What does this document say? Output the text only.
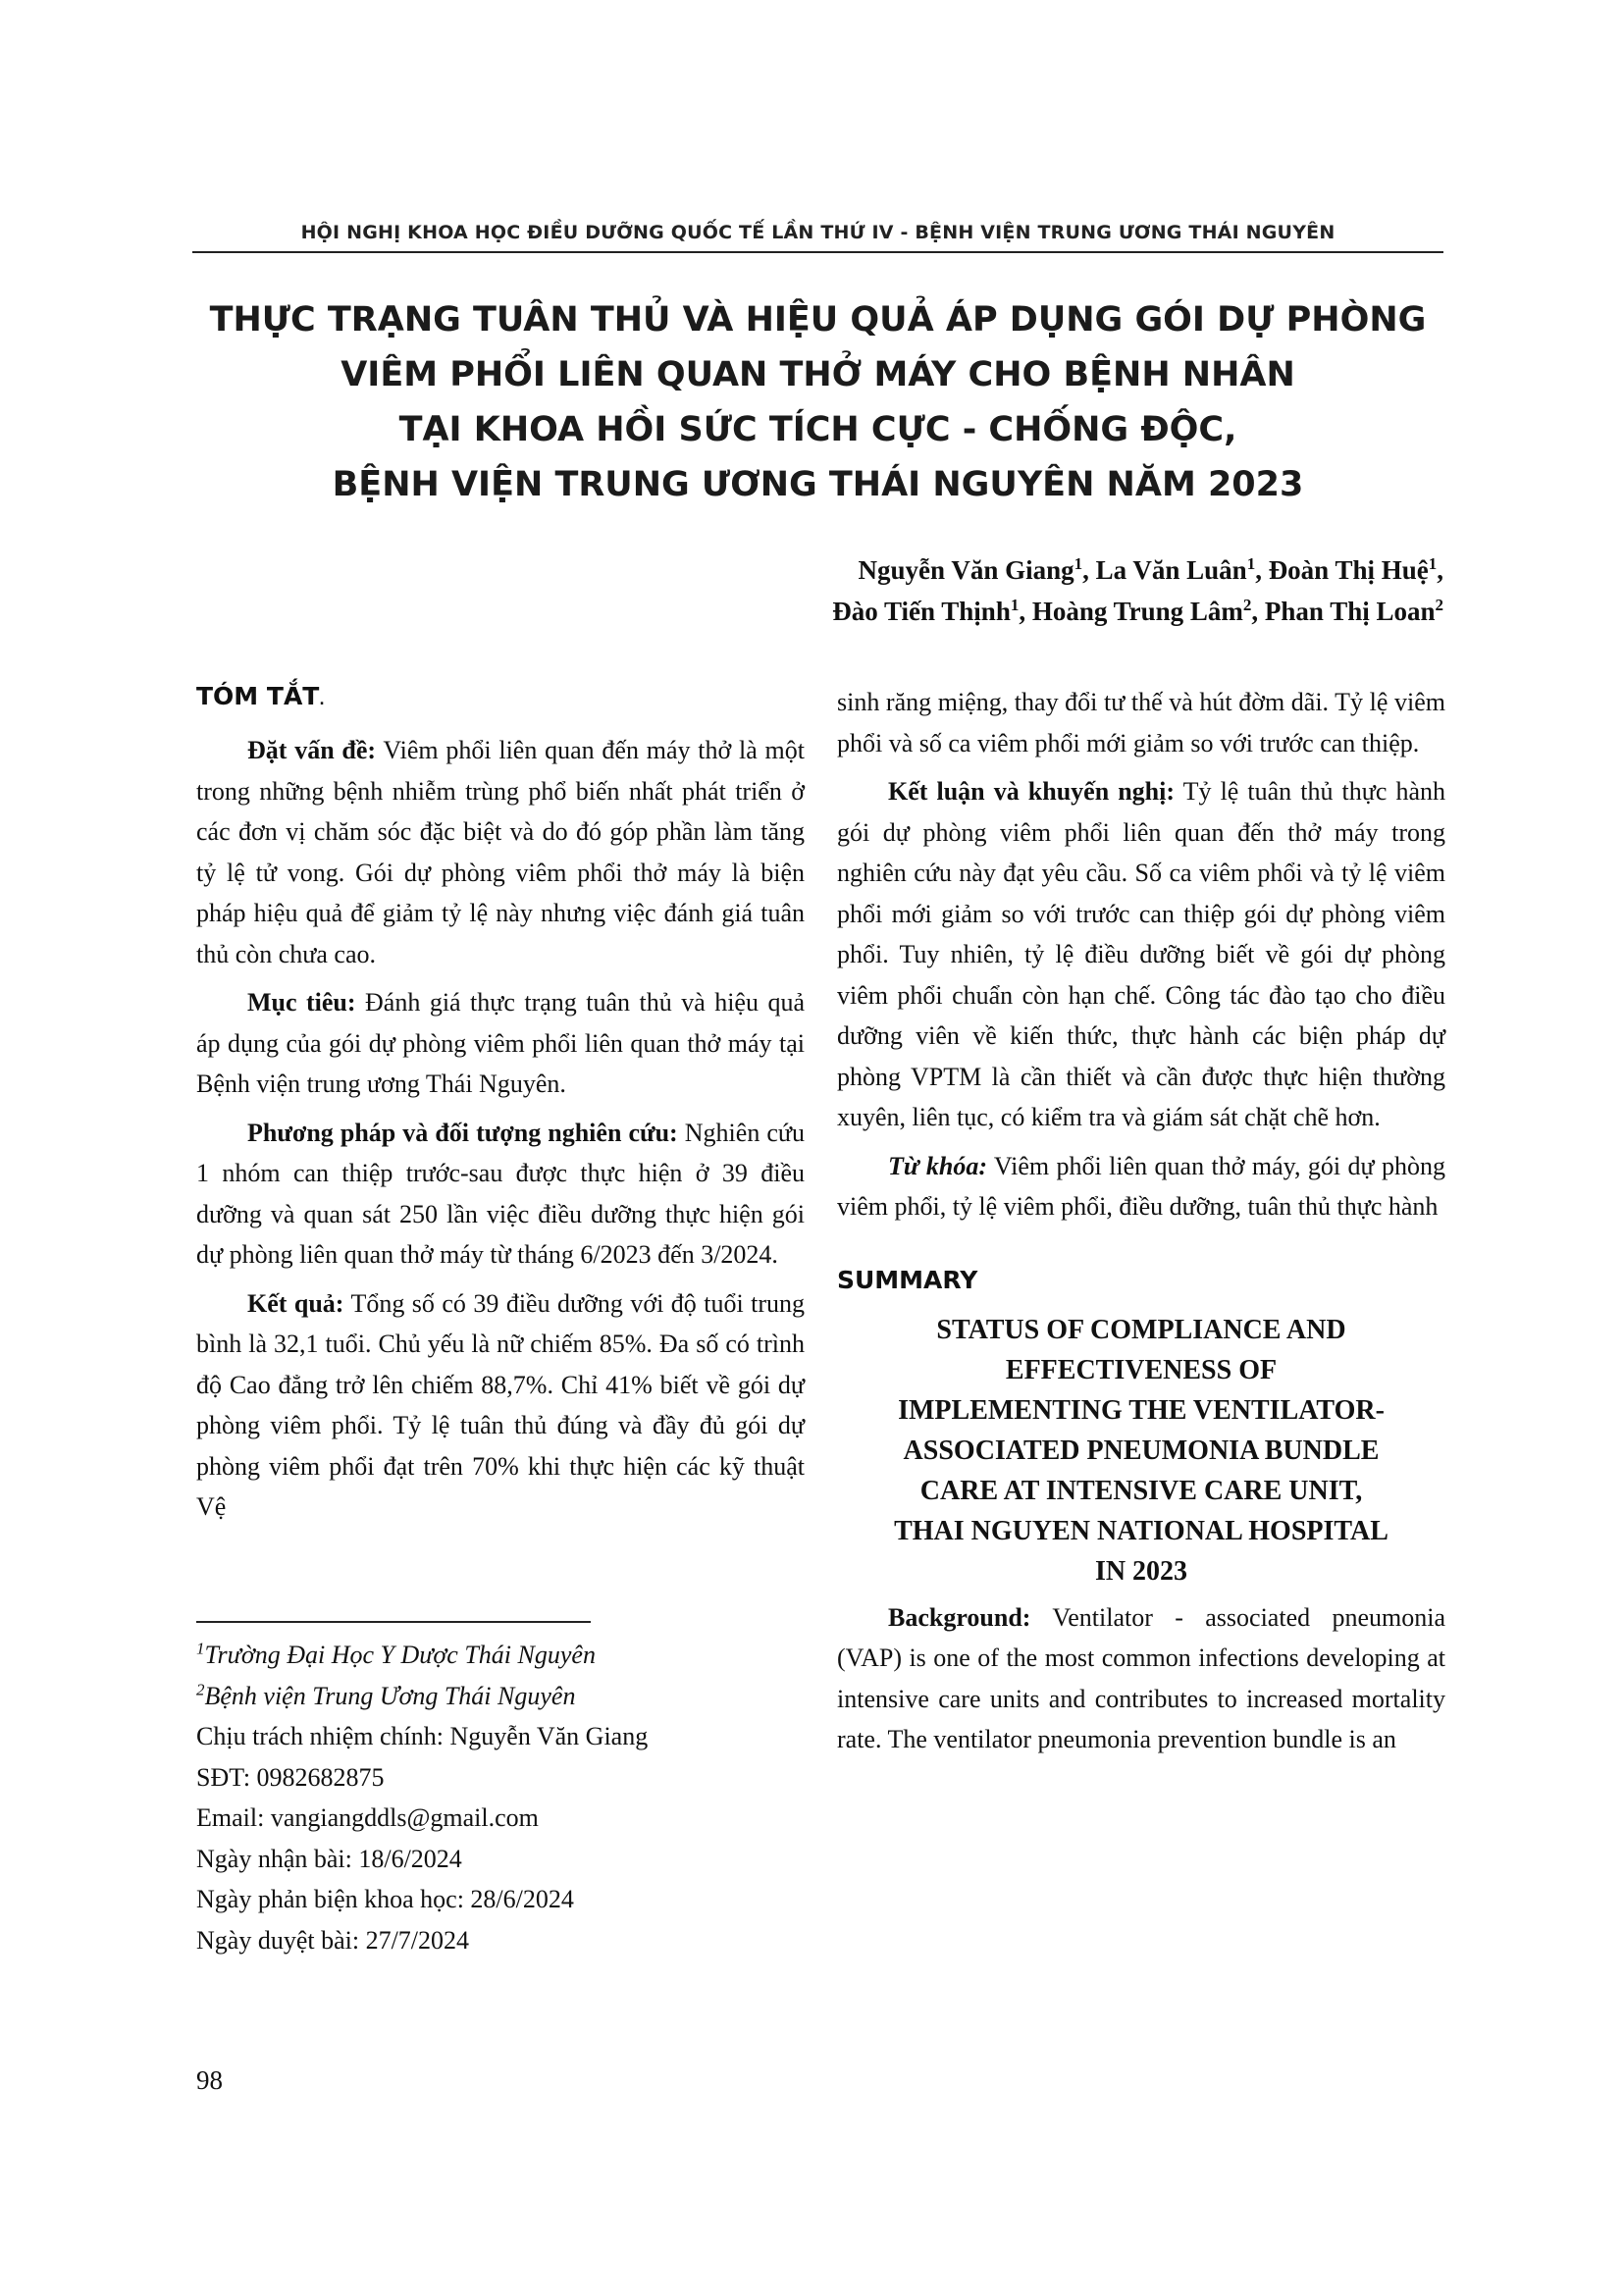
HỘI NGHỊ KHOA HỌC ĐIỀU DƯỠNG QUỐC TẾ LẦN THỨ IV - BỆNH VIỆN TRUNG ƯƠNG THÁI NGUYÊN
THỰC TRẠNG TUÂN THỦ VÀ HIỆU QUẢ ÁP DỤNG GÓI DỰ PHÒNG
VIÊM PHỔI LIÊN QUAN THỞ MÁY CHO BỆNH NHÂN
TẠI KHOA HỒI SỨC TÍCH CỰC - CHỐNG ĐỘC,
BỆNH VIỆN TRUNG ƯƠNG THÁI NGUYÊN NĂM 2023
Nguyễn Văn Giang$^1$, La Văn Luân$^1$, Đoàn Thị Huệ$^1$,
Đào Tiến Thịnh$^1$, Hoàng Trung Lâm$^2$, Phan Thị Loan$^2$
TÓM TẮT.

Đặt vấn đề: Viêm phổi liên quan đến máy thở là một trong những bệnh nhiễm trùng phổ biến nhất phát triển ở các đơn vị chăm sóc đặc biệt và do đó góp phần làm tăng tỷ lệ tử vong. Gói dự phòng viêm phổi thở máy là biện pháp hiệu quả để giảm tỷ lệ này nhưng việc đánh giá tuân thủ còn chưa cao.

Mục tiêu: Đánh giá thực trạng tuân thủ và hiệu quả áp dụng của gói dự phòng viêm phổi liên quan thở máy tại Bệnh viện trung ương Thái Nguyên.

Phương pháp và đối tượng nghiên cứu: Nghiên cứu 1 nhóm can thiệp trước-sau được thực hiện ở 39 điều dưỡng và quan sát 250 lần việc điều dưỡng thực hiện gói dự phòng liên quan thở máy từ tháng 6/2023 đến 3/2024.

Kết quả: Tổng số có 39 điều dưỡng với độ tuổi trung bình là 32,1 tuổi. Chủ yếu là nữ chiếm 85%. Đa số có trình độ Cao đẳng trở lên chiếm 88,7%. Chỉ 41% biết về gói dự phòng viêm phổi. Tỷ lệ tuân thủ đúng và đầy đủ gói dự phòng viêm phổi đạt trên 70% khi thực hiện các kỹ thuật Vệ

$^1$Trường Đại Học Y Dược Thái Nguyên
$^2$Bệnh viện Trung Ương Thái Nguyên
Chịu trách nhiệm chính: Nguyễn Văn Giang
SĐT: 0982682875
Email: vangiangddls@gmail.com
Ngày nhận bài: 18/6/2024
Ngày phản biện khoa học: 28/6/2024
Ngày duyệt bài: 27/7/2024

sinh răng miệng, thay đổi tư thế và hút đờm dãi. Tỷ lệ viêm phổi và số ca viêm phổi mới giảm so với trước can thiệp.

Kết luận và khuyến nghị: Tỷ lệ tuân thủ thực hành gói dự phòng viêm phổi liên quan đến thở máy trong nghiên cứu này đạt yêu cầu. Số ca viêm phổi và tỷ lệ viêm phổi mới giảm so với trước can thiệp gói dự phòng viêm phổi. Tuy nhiên, tỷ lệ điều dưỡng biết về gói dự phòng viêm phổi chuẩn còn hạn chế. Công tác đào tạo cho điều dưỡng viên về kiến thức, thực hành các biện pháp dự phòng VPTM là cần thiết và cần được thực hiện thường xuyên, liên tục, có kiểm tra và giám sát chặt chẽ hơn.

Từ khóa: Viêm phổi liên quan thở máy, gói dự phòng viêm phổi, tỷ lệ viêm phổi, điều dưỡng, tuân thủ thực hành

SUMMARY
STATUS OF COMPLIANCE AND
EFFECTIVENESS OF
IMPLEMENTING THE VENTILATOR-
ASSOCIATED PNEUMONIA BUNDLE
CARE AT INTENSIVE CARE UNIT,
THAI NGUYEN NATIONAL HOSPITAL
IN 2023

Background: Ventilator - associated pneumonia (VAP) is one of the most common infections developing at intensive care units and contributes to increased mortality rate. The ventilator pneumonia prevention bundle is an

98
